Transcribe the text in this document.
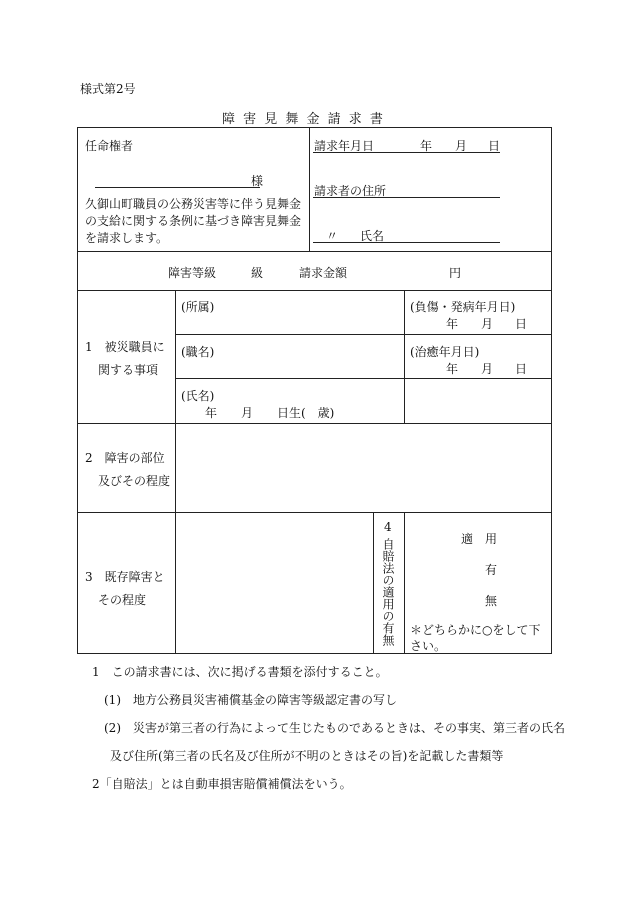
様式第2号
障 害 見 舞 金 請 求 書
任命権者
様
久御山町職員の公務災害等に伴う見舞金
の支給に関する条例に基づき障害見舞金
を請求します。
請求年月日	年 月 日
請求者の住所
〃 氏名
障害等級	級	請求金額	円
1　被災職員に
関する事項
(所属)	(負傷・発病年月日)
年 月 日
(職名)	(治癒年月日)
年 月 日
(氏名)
年　　月　　日生(　歳)
2　障害の部位
及びその程度
3　既存障害と
その程度
4
自賠法の適用の有無	適　用
有
無
＊どちらかに○をして下
さい。
1　この請求書には、次に掲げる書類を添付すること。
(1)　地方公務員災害補償基金の障害等級認定書の写し
(2)　災害が第三者の行為によって生じたものであるときは、その事実、第三者の氏名
及び住所(第三者の氏名及び住所が不明のときはその旨)を記載した書類等
2「自賠法」とは自動車損害賠償補償法をいう。
